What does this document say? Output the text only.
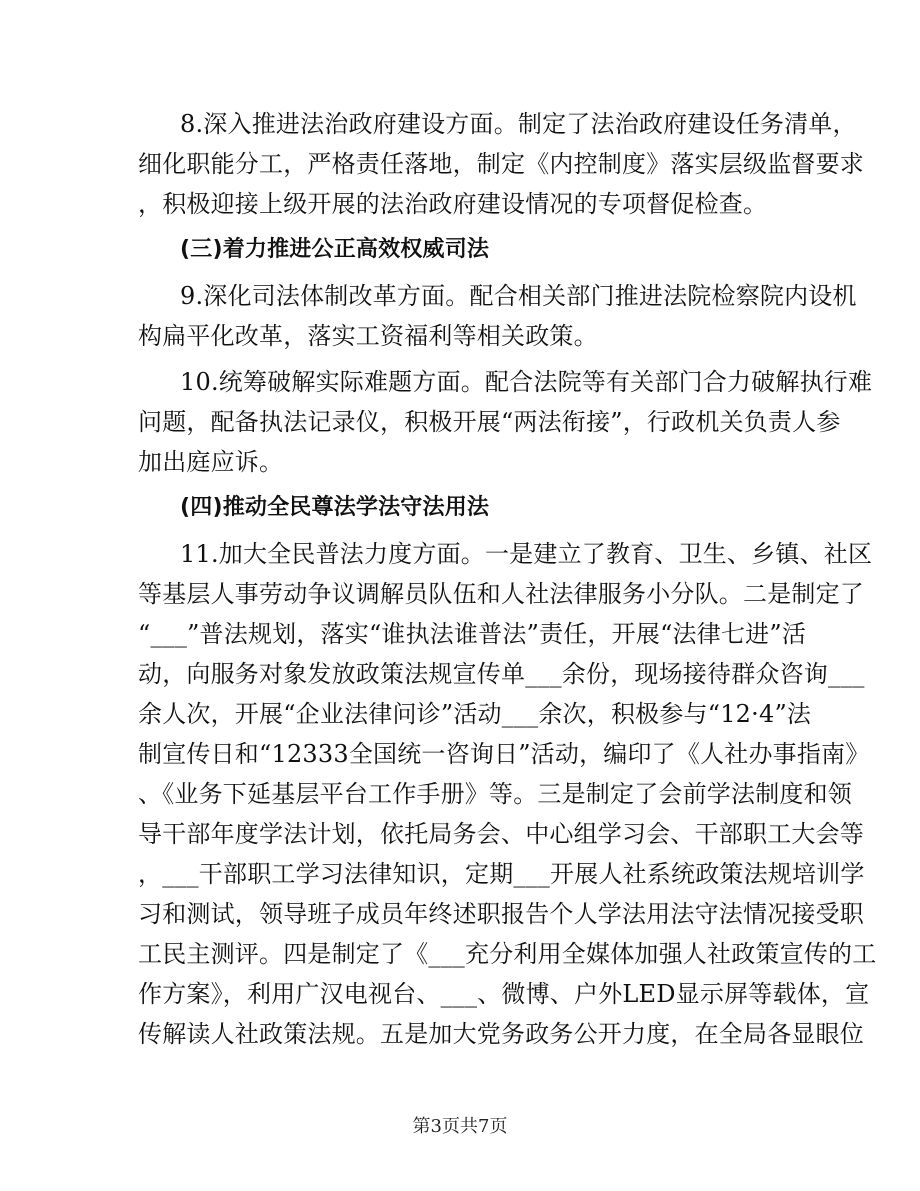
8.深入推进法治政府建设方面。制定了法治政府建设任务清单，
细化职能分工，严格责任落地，制定《内控制度》落实层级监督要求
，积极迎接上级开展的法治政府建设情况的专项督促检查。
(三)着力推进公正高效权威司法
9.深化司法体制改革方面。配合相关部门推进法院检察院内设机
构扁平化改革，落实工资福利等相关政策。
10.统筹破解实际难题方面。配合法院等有关部门合力破解执行难
问题，配备执法记录仪，积极开展“两法衔接”，行政机关负责人参
加出庭应诉。
(四)推动全民尊法学法守法用法
11.加大全民普法力度方面。一是建立了教育、卫生、乡镇、社区
等基层人事劳动争议调解员队伍和人社法律服务小分队。二是制定了
“___”普法规划，落实“谁执法谁普法”责任，开展“法律七进”活
动，向服务对象发放政策法规宣传单___余份，现场接待群众咨询___
余人次，开展“企业法律问诊”活动___余次，积极参与“12·4”法
制宣传日和“12333全国统一咨询日”活动，编印了《人社办事指南》
、《业务下延基层平台工作手册》等。三是制定了会前学法制度和领
导干部年度学法计划，依托局务会、中心组学习会、干部职工大会等
，___干部职工学习法律知识，定期___开展人社系统政策法规培训学
习和测试，领导班子成员年终述职报告个人学法用法守法情况接受职
工民主测评。四是制定了《___充分利用全媒体加强人社政策宣传的工
作方案》，利用广汉电视台、___、微博、户外LED显示屏等载体，宣
传解读人社政策法规。五是加大党务政务公开力度，在全局各显眼位
第3页共7页
